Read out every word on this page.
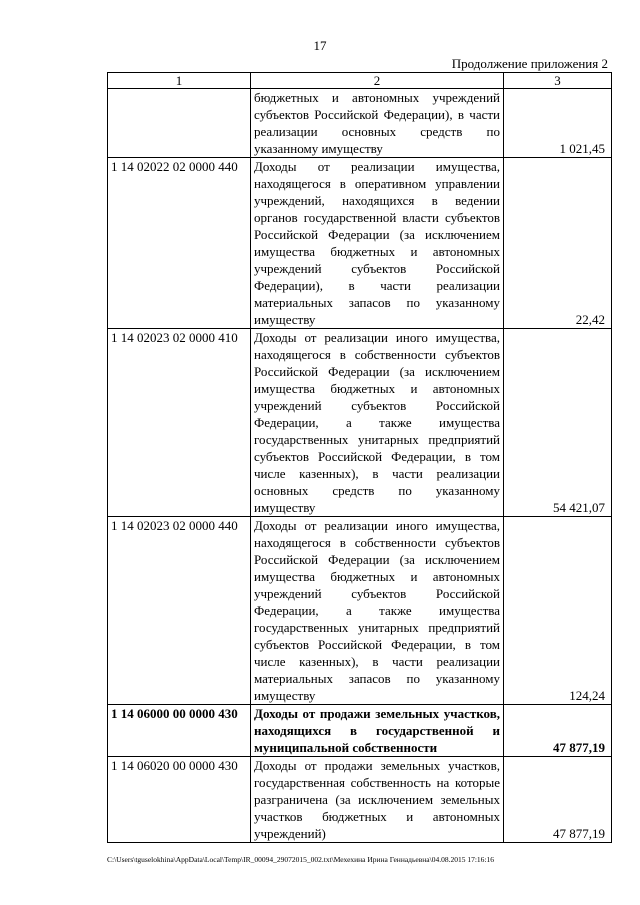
17
Продолжение приложения 2
1	2	3
	бюджетных и автономных учреждений субъектов Российской Федерации), в части реализации основных средств по указанному имуществу	1 021,45
1 14 02022 02 0000 440	Доходы от реализации имущества, находящегося в оперативном управлении учреждений, находящихся в ведении органов государственной власти субъектов Российской Федерации (за исключением имущества бюджетных и автономных учреждений субъектов Российской Федерации), в части реализации материальных запасов по указанному имуществу	22,42
1 14 02023 02 0000 410	Доходы от реализации иного имущества, находящегося в собственности субъектов Российской Федерации (за исключением имущества бюджетных и автономных учреждений субъектов Российской Федерации, а также имущества государственных унитарных предприятий субъектов Российской Федерации, в том числе казенных), в части реализации основных средств по указанному имуществу	54 421,07
1 14 02023 02 0000 440	Доходы от реализации иного имущества, находящегося в собственности субъектов Российской Федерации (за исключением имущества бюджетных и автономных учреждений субъектов Российской Федерации, а также имущества государственных унитарных предприятий субъектов Российской Федерации, в том числе казенных), в части реализации материальных запасов по указанному имуществу	124,24
1 14 06000 00 0000 430	Доходы от продажи земельных участков, находящихся в государственной и муниципальной собственности	47 877,19
1 14 06020 00 0000 430	Доходы от продажи земельных участков, государственная собственность на которые разграничена (за исключением земельных участков бюджетных и автономных учреждений)	47 877,19
C:\Users\tguselokhina\AppData\Local\Temp\IR_00094_29072015_002.txt\Мехехина Ирина Геннадьевна\04.08.2015 17:16:16
